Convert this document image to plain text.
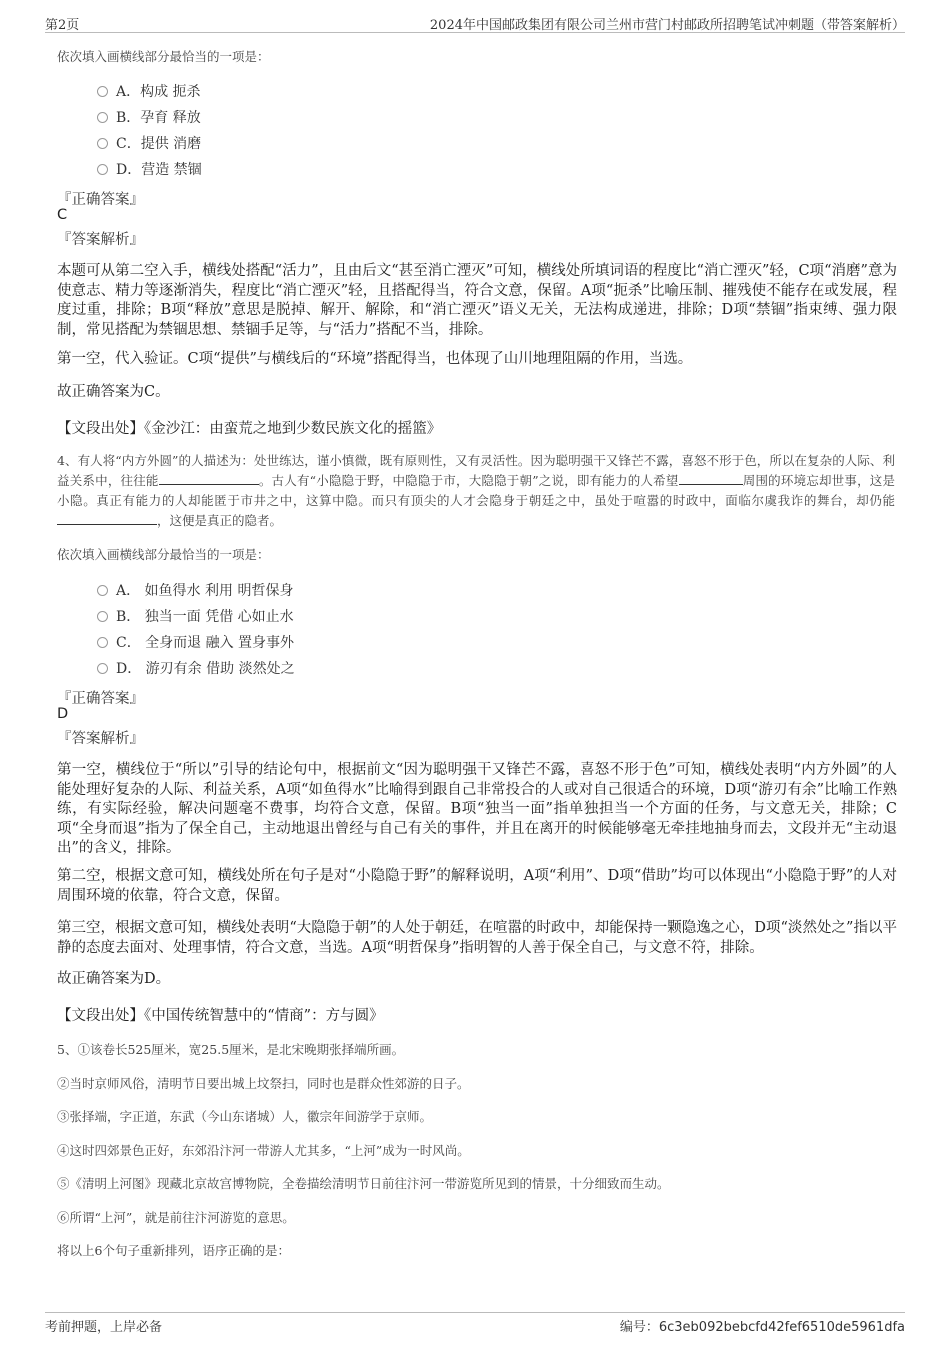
第2页	2024年中国邮政集团有限公司兰州市营门村邮政所招聘笔试冲刺题（带答案解析）
依次填入画横线部分最恰当的一项是：
A．构成 扼杀
B．孕育 释放
C．提供 消磨
D．营造 禁锢
『正确答案』
C
『答案解析』
本题可从第二空入手，横线处搭配“活力”，且由后文“甚至消亡湮灭”可知，横线处所填词语的程度比“消亡湮灭”轻，C项“消磨”意为使意志、精力等逐渐消失，程度比“消亡湮灭”轻，且搭配得当，符合文意，保留。A项“扼杀”比喻压制、摧残使不能存在或发展，程度过重，排除；B项“释放”意思是脱掉、解开、解除，和“消亡湮灭”语义无关，无法构成递进，排除；D项“禁锢”指束缚、强力限制，常见搭配为禁锢思想、禁锢手足等，与“活力”搭配不当，排除。
第一空，代入验证。C项“提供”与横线后的“环境”搭配得当，也体现了山川地理阻隔的作用，当选。
故正确答案为C。
【文段出处】《金沙江：由蛮荒之地到少数民族文化的摇篮》
4、有人将“内方外圆”的人描述为：处世练达，谨小慎微，既有原则性，又有灵活性。因为聪明强干又锋芒不露，喜怒不形于色，所以在复杂的人际、利益关系中，往往能	。古人有“小隐隐于野，中隐隐于市，大隐隐于朝”之说，即有能力的人希望	周围的环境忘却世事，这是小隐。真正有能力的人却能匿于市井之中，这算中隐。而只有顶尖的人才会隐身于朝廷之中，虽处于喧嚣的时政中，面临尔虞我诈的舞台，却仍能，这便是真正的隐者。
依次填入画横线部分最恰当的一项是：
A． 如鱼得水 利用 明哲保身
B． 独当一面 凭借 心如止水
C． 全身而退 融入 置身事外
D． 游刃有余 借助 淡然处之
『正确答案』
D
『答案解析』
第一空，横线位于“所以”引导的结论句中，根据前文“因为聪明强干又锋芒不露，喜怒不形于色”可知，横线处表明“内方外圆”的人能处理好复杂的人际、利益关系，A项“如鱼得水”比喻得到跟自己非常投合的人或对自己很适合的环境，D项“游刃有余”比喻工作熟练，有实际经验，解决问题毫不费事，均符合文意，保留。B项“独当一面”指单独担当一个方面的任务，与文意无关，排除；C项“全身而退”指为了保全自己，主动地退出曾经与自己有关的事件，并且在离开的时候能够毫无牵挂地抽身而去，文段并无“主动退出”的含义，排除。
第二空，根据文意可知，横线处所在句子是对“小隐隐于野”的解释说明，A项“利用”、D项“借助”均可以体现出“小隐隐于野”的人对周围环境的依靠，符合文意，保留。
第三空，根据文意可知，横线处表明“大隐隐于朝”的人处于朝廷，在喧嚣的时政中，却能保持一颗隐逸之心，D项“淡然处之”指以平静的态度去面对、处理事情，符合文意，当选。A项“明哲保身”指明智的人善于保全自己，与文意不符，排除。
故正确答案为D。
【文段出处】《中国传统智慧中的“情商”：方与圆》
5、①该卷长525厘米，宽25.5厘米，是北宋晚期张择端所画。
②当时京师风俗，清明节日要出城上坟祭扫，同时也是群众性郊游的日子。
③张择端，字正道，东武（今山东诸城）人，徽宗年间游学于京师。
④这时四郊景色正好，东郊沿汴河一带游人尤其多，“上河”成为一时风尚。
⑤《清明上河图》现藏北京故宫博物院，全卷描绘清明节日前往汴河一带游览所见到的情景，十分细致而生动。
⑥所谓“上河”，就是前往汴河游览的意思。
将以上6个句子重新排列，语序正确的是：
考前押题，上岸必备	编号：6c3eb092bebcfd42fef6510de5961dfa
